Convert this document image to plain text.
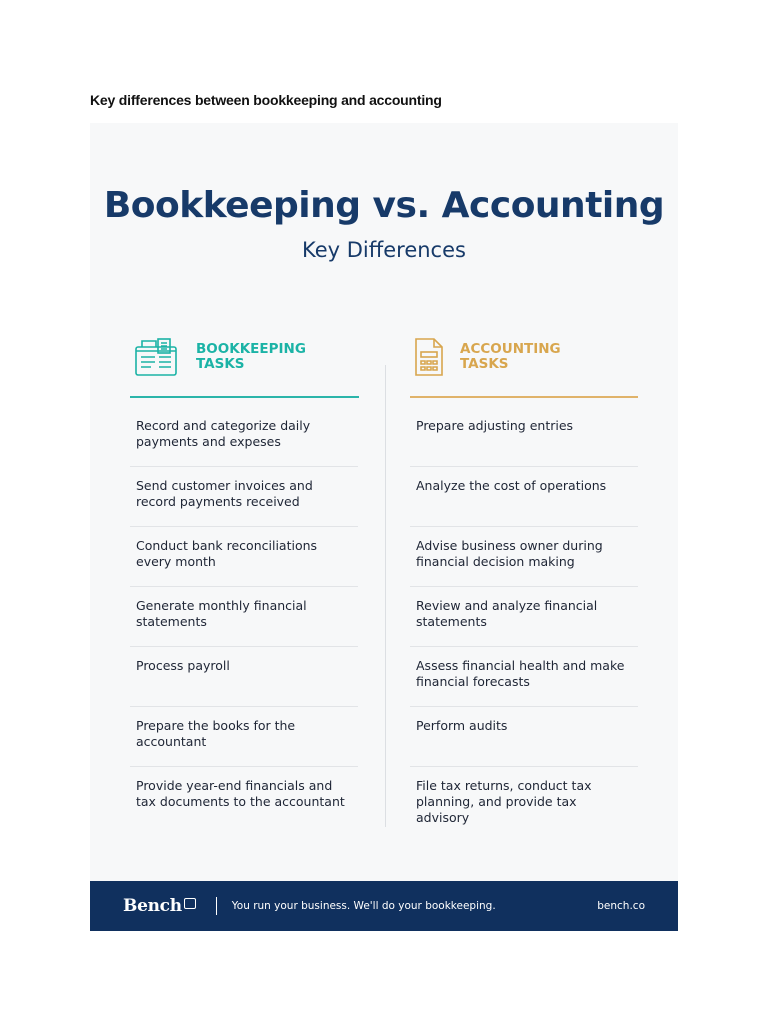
Key differences between bookkeeping and accounting
Bookkeeping vs. Accounting
Key Differences
BOOKKEEPING
TASKS
ACCOUNTING
TASKS
Record and categorize daily payments and expeses
Send customer invoices and record payments received
Conduct bank reconciliations every month
Generate monthly financial statements
Process payroll
Prepare the books for the accountant
Provide year-end financials and tax documents to the accountant
Prepare adjusting entries
Analyze the cost of operations
Advise business owner during financial decision making
Review and analyze financial statements
Assess financial health and make financial forecasts
Perform audits
File tax returns, conduct tax planning, and provide tax advisory
Bench	You run your business. We'll do your bookkeeping.	bench.co
